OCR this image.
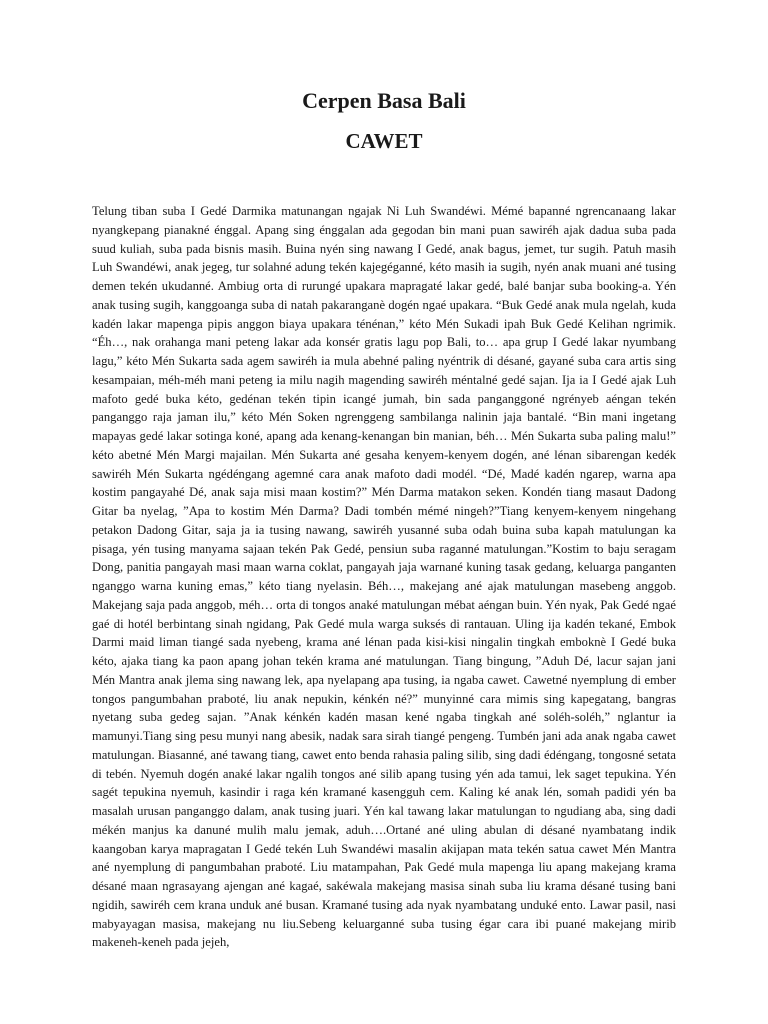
Cerpen Basa Bali
CAWET

Telung tiban suba I Gedé Darmika matunangan ngajak Ni Luh Swandéwi. Mémé bapanné ngrencanaang lakar nyangkepang pianakné énggal. Apang sing énggalan ada gegodan bin mani puan sawiréh ajak dadua suba pada suud kuliah, suba pada bisnis masih. Buina nyén sing nawang I Gedé, anak bagus, jemet, tur sugih. Patuh masih Luh Swandéwi, anak jegeg, tur solahné adung tekén kajegéganné, kéto masih ia sugih, nyén anak muani ané tusing demen tekén ukudanné. Ambiug orta di rurungé upakara mapragaté lakar gedé, balé banjar suba booking-a. Yén anak tusing sugih, kanggoanga suba di natah pakaranganè dogén ngaé upakara. “Buk Gedé anak mula ngelah, kuda kadén lakar mapenga pipis anggon biaya upakara ténénan,” kéto Mén Sukadi ipah Buk Gedé Kelihan ngrimik. “Éh…, nak orahanga mani peteng lakar ada konsér gratis lagu pop Bali, to… apa grup I Gedé lakar nyumbang lagu,” kéto Mén Sukarta sada agem sawiréh ia mula abehné paling nyéntrik di désané, gayané suba cara artis sing kesampaian, méh-méh mani peteng ia milu nagih magending sawiréh méntalné gedé sajan. Ija ia I Gedé ajak Luh mafoto gedé buka kéto, gedénan tekén tipin icangé jumah, bin sada panganggoné ngrényeb aéngan tekén panganggo raja jaman ilu,” kéto Mén Soken ngrenggeng sambilanga nalinin jaja bantalé. “Bin mani ingetang mapayas gedé lakar sotinga koné, apang ada kenang-kenangan bin manian, béh… Mén Sukarta suba paling malu!” kéto abetné Mén Margi majailan. Mén Sukarta ané gesaha kenyem-kenyem dogén, ané lénan sibarengan kedék sawiréh Mén Sukarta ngédéngang agemné cara anak mafoto dadi modél. “Dé, Madé kadén ngarep, warna apa kostim pangayahé Dé, anak saja misi maan kostim?” Mén Darma matakon seken. Kondén tiang masaut Dadong Gitar ba nyelag, ”Apa to kostim Mén Darma? Dadi tombén mémé ningeh?”Tiang kenyem-kenyem ningehang petakon Dadong Gitar, saja ja ia tusing nawang, sawiréh yusanné suba odah buina suba kapah matulungan ka pisaga, yén tusing manyama sajaan tekén Pak Gedé, pensiun suba raganné matulungan.”Kostim to baju seragam Dong, panitia pangayah masi maan warna coklat, pangayah jaja warnané kuning tasak gedang, keluarga panganten nganggo warna kuning emas,” kéto tiang nyelasin. Béh…, makejang ané ajak matulungan masebeng anggob. Makejang saja pada anggob, méh… orta di tongos anaké matulungan mébat aéngan buin. Yén nyak, Pak Gedé ngaé gaé di hotél berbintang sinah ngidang, Pak Gedé mula warga suksés di rantauan. Uling ija kadén tekané, Embok Darmi maid liman tiangé sada nyebeng, krama ané lénan pada kisi-kisi ningalin tingkah emboknè I Gedé buka kéto, ajaka tiang ka paon apang johan tekén krama ané matulungan. Tiang bingung, ”Aduh Dé, lacur sajan jani Mén Mantra anak jlema sing nawang lek, apa nyelapang apa tusing, ia ngaba cawet. Cawetné nyemplung di ember tongos pangumbahan praboté, liu anak nepukin, kénkén né?” munyinné cara mimis sing kapegatang, bangras nyetang suba gedeg sajan. ”Anak kénkén kadén masan kené ngaba tingkah ané soléh-soléh,” nglantur ia mamunyi.Tiang sing pesu munyi nang abesik, nadak sara sirah tiangé pengeng. Tumbén jani ada anak ngaba cawet matulungan. Biasanné, ané tawang tiang, cawet ento benda rahasia paling silib, sing dadi édéngang, tongosné setata di tebén. Nyemuh dogén anaké lakar ngalih tongos ané silib apang tusing yén ada tamui, lek saget tepukina. Yén sagét tepukina nyemuh, kasindir i raga kén kramané kasengguh cem. Kaling ké anak lén, somah padidi yén ba masalah urusan panganggo dalam, anak tusing juari. Yén kal tawang lakar matulungan to ngudiang aba, sing dadi mékén manjus ka danuné mulih malu jemak, aduh….Ortané ané uling abulan di désané nyambatang indik kaangoban karya mapragatan I Gedé tekén Luh Swandéwi masalin akijapan mata tekén satua cawet Mén Mantra ané nyemplung di pangumbahan praboté. Liu matampahan, Pak Gedé mula mapenga liu apang makejang krama désané maan ngrasayang ajengan ané kagaé, sakéwala makejang masisa sinah suba liu krama désané tusing bani ngidih, sawiréh cem krana unduk ané busan. Kramané tusing ada nyak nyambatang unduké ento. Lawar pasil, nasi mabyayagan masisa, makejang nu liu.Sebeng keluarganné suba tusing égar cara ibi puané makejang mirib makeneh-keneh pada jejeh,
